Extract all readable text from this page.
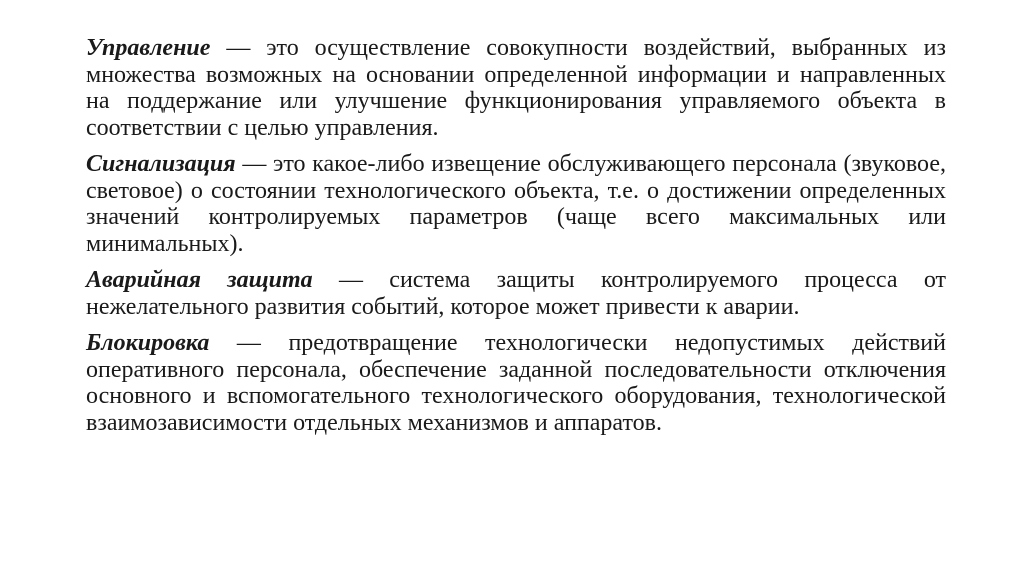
Управление — это осуществление совокупности воздействий, выбранных из множества возможных на основании определенной информации и направленных на поддержание или улучшение функционирования управляемого объекта в соответствии с целью управления.

Сигнализация — это какое-либо извещение обслуживающего персонала (звуковое, световое) о состоянии технологического объекта, т.е. о достижении определенных значений контролируемых параметров (чаще всего максимальных или минимальных).

Аварийная защита — система защиты контролируемого процесса от нежелательного развития событий, которое может привести к аварии.

Блокировка — предотвращение технологически недопустимых действий оперативного персонала, обеспечение заданной последовательности отключения основного и вспомогательного технологического оборудования, технологической взаимозависимости отдельных механизмов и аппаратов.
